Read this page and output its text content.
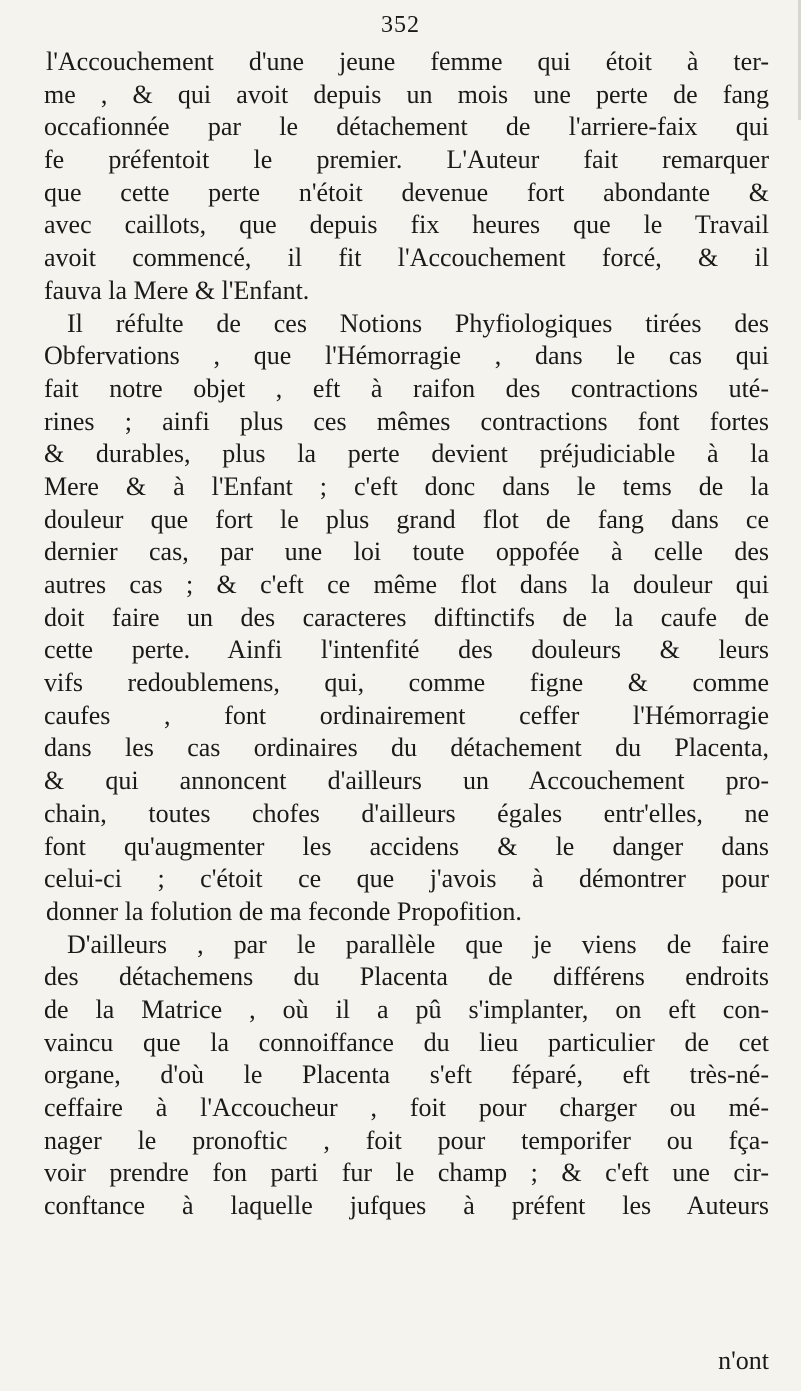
352
l'Accouchement d'une jeune femme qui étoit à ter-
me , & qui avoit depuis un mois une perte de fang
occafionnée par le détachement de l'arriere-faix qui
fe préfentoit le premier. L'Auteur fait remarquer
que cette perte n'étoit devenue fort abondante &
avec caillots, que depuis fix heures que le Travail
avoit commencé, il fit l'Accouchement forcé, & il
fauva la Mere & l'Enfant.
Il réfulte de ces Notions Phyfiologiques tirées des
Obfervations , que l'Hémorragie , dans le cas qui
fait notre objet , eft à raifon des contractions uté-
rines ; ainfi plus ces mêmes contractions font fortes
& durables, plus la perte devient préjudiciable à la
Mere & à l'Enfant ; c'eft donc dans le tems de la
douleur que fort le plus grand flot de fang dans ce
dernier cas, par une loi toute oppofée à celle des
autres cas ; & c'eft ce même flot dans la douleur qui
doit faire un des caracteres diftinctifs de la caufe de
cette perte. Ainfi l'intenfité des douleurs & leurs
vifs redoublemens, qui, comme figne & comme
caufes , font ordinairement ceffer l'Hémorragie
dans les cas ordinaires du détachement du Placenta,
& qui annoncent d'ailleurs un Accouchement pro-
chain, toutes chofes d'ailleurs égales entr'elles, ne
font qu'augmenter les accidens & le danger dans
celui-ci ; c'étoit ce que j'avois à démontrer pour
donner la folution de ma feconde Propofition.
D'ailleurs , par le parallèle que je viens de faire
des détachemens du Placenta de différens endroits
de la Matrice , où il a pû s'implanter, on eft con-
vaincu que la connoiffance du lieu particulier de cet
organe, d'où le Placenta s'eft féparé, eft très-né-
ceffaire à l'Accoucheur , foit pour charger ou mé-
nager le pronoftic , foit pour temporifer ou fça-
voir prendre fon parti fur le champ ; & c'eft une cir-
conftance à laquelle jufques à préfent les Auteurs
n'ont
